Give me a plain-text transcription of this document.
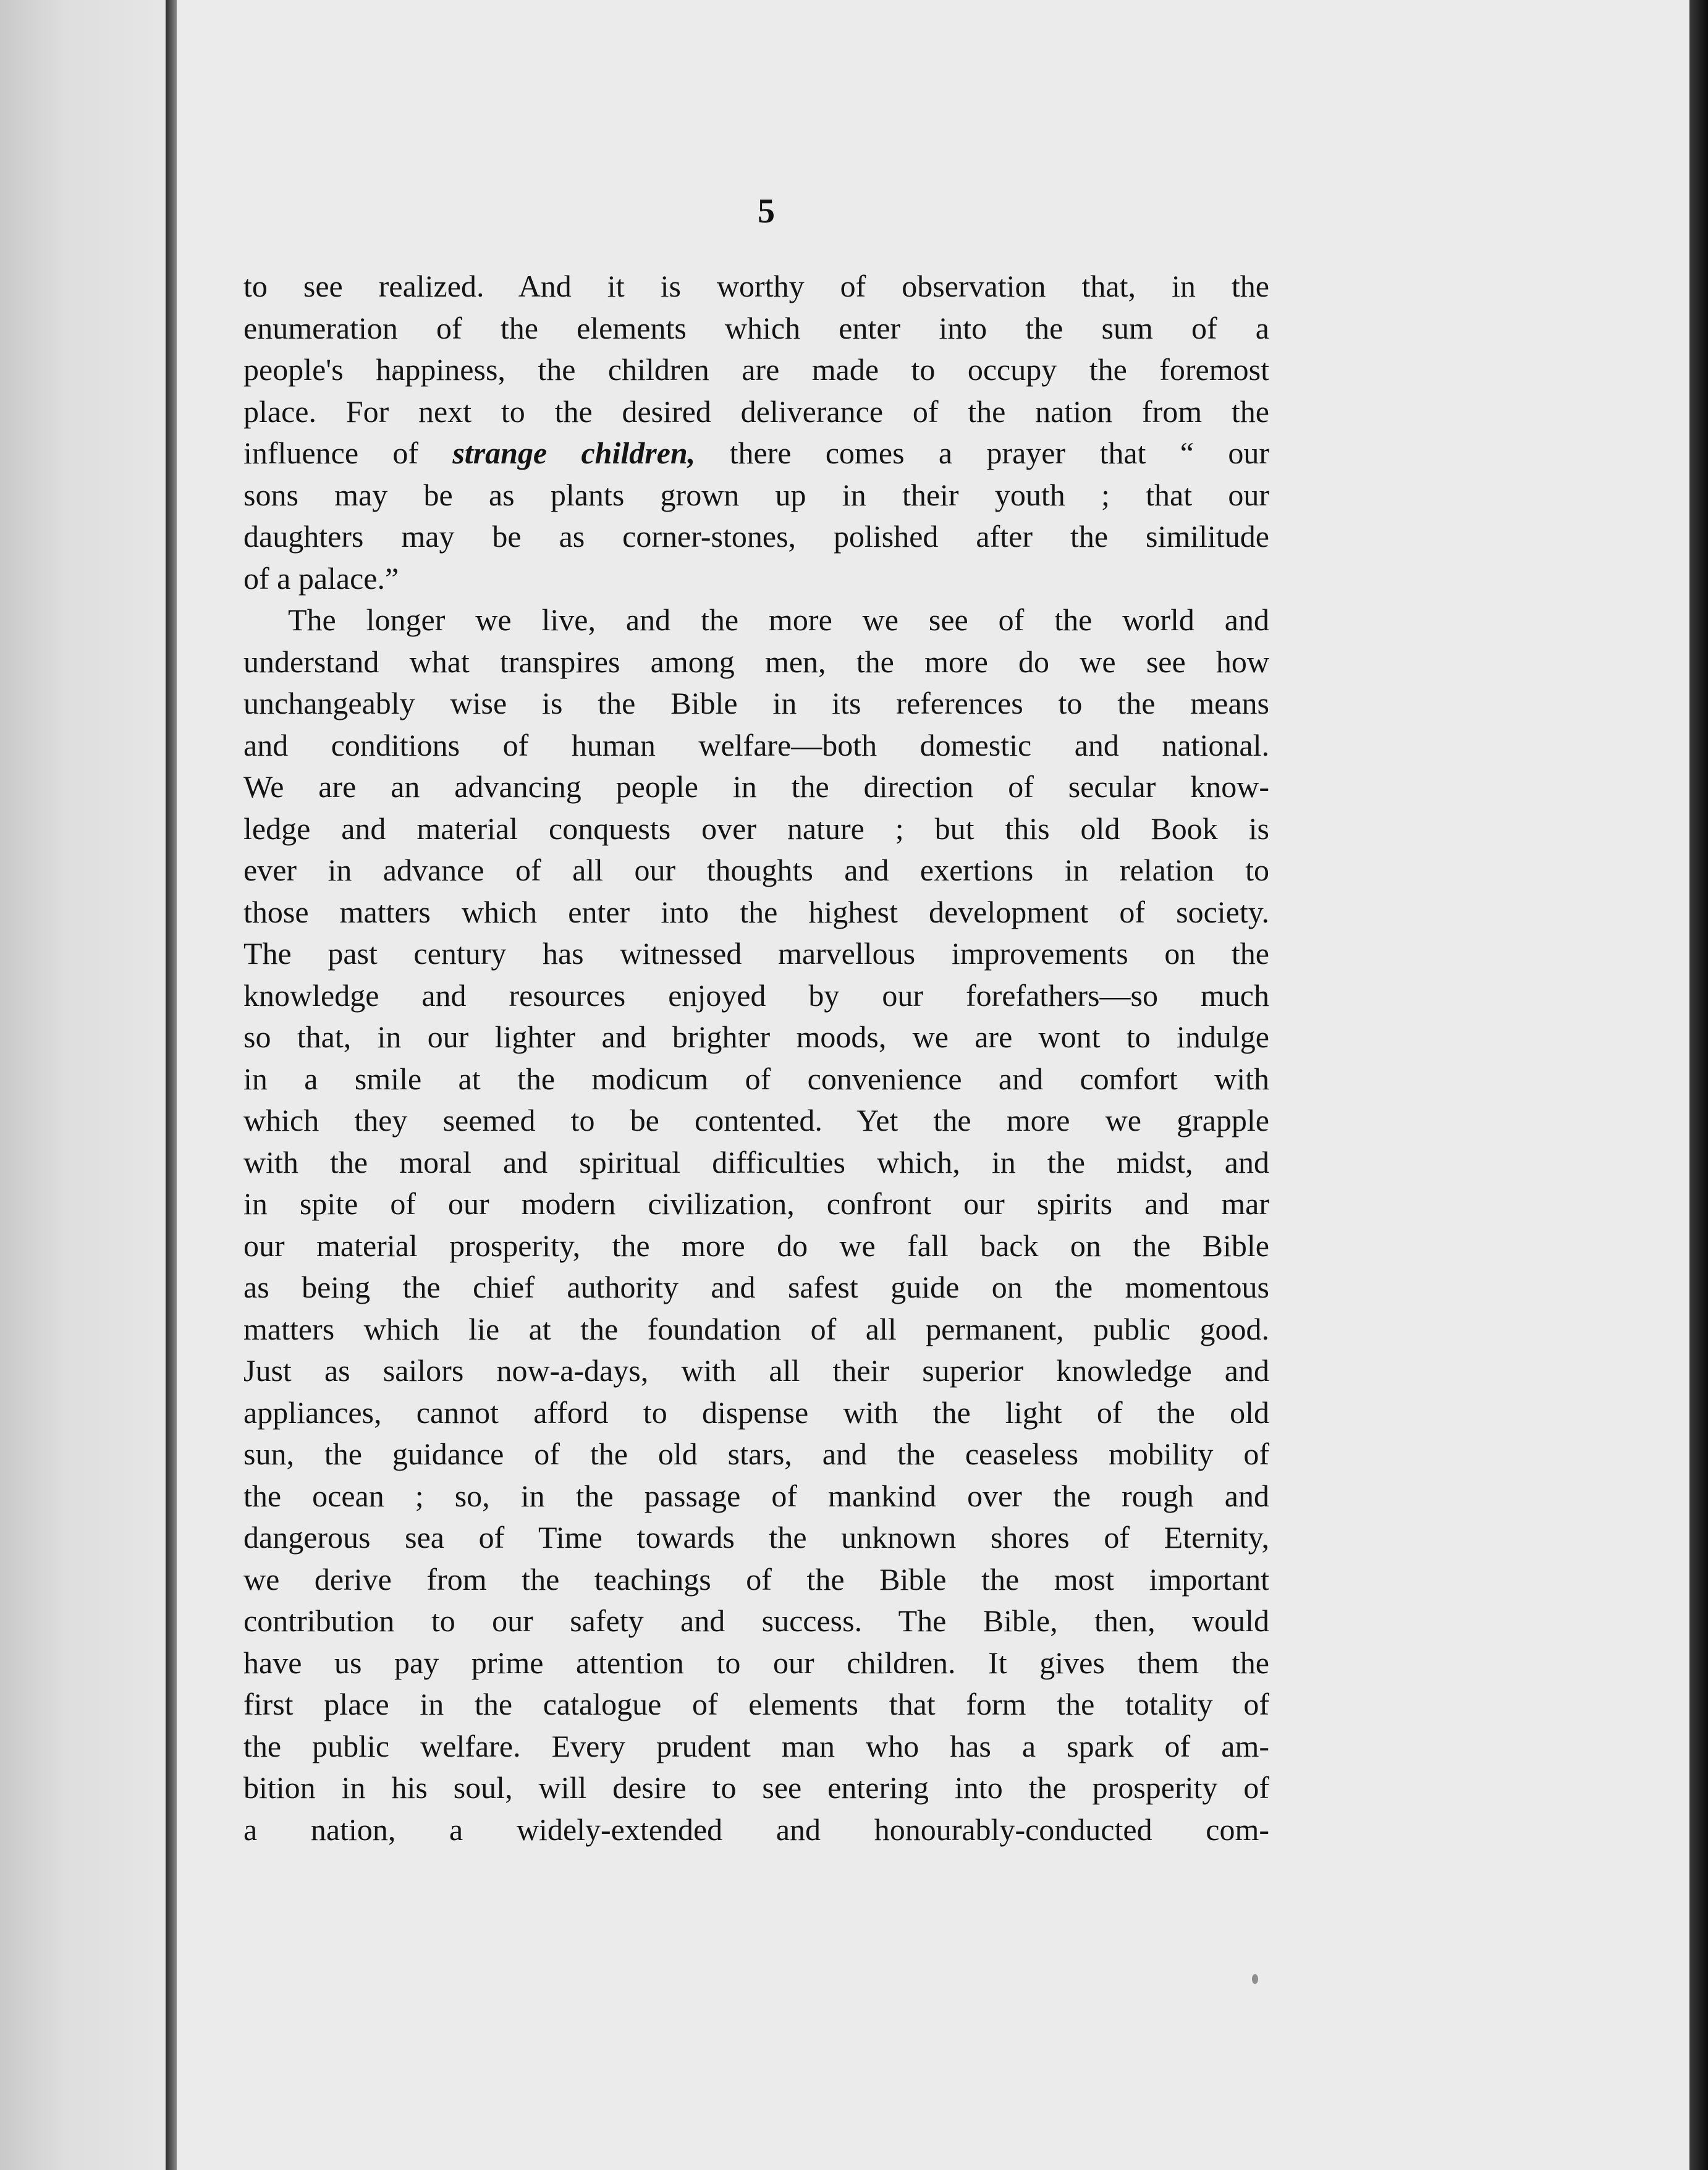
5
to see realized. And it is worthy of observation that, in the
enumeration of the elements which enter into the sum of a
people's happiness, the children are made to occupy the foremost
place. For next to the desired deliverance of the nation from the
influence of strange children, there comes a prayer that “ our
sons may be as plants grown up in their youth ; that our
daughters may be as corner-stones, polished after the similitude
of a palace.”
The longer we live, and the more we see of the world and
understand what transpires among men, the more do we see how
unchangeably wise is the Bible in its references to the means
and conditions of human welfare—both domestic and national.
We are an advancing people in the direction of secular know-
ledge and material conquests over nature ; but this old Book is
ever in advance of all our thoughts and exertions in relation to
those matters which enter into the highest development of society.
The past century has witnessed marvellous improvements on the
knowledge and resources enjoyed by our forefathers—so much
so that, in our lighter and brighter moods, we are wont to indulge
in a smile at the modicum of convenience and comfort with
which they seemed to be contented. Yet the more we grapple
with the moral and spiritual difficulties which, in the midst, and
in spite of our modern civilization, confront our spirits and mar
our material prosperity, the more do we fall back on the Bible
as being the chief authority and safest guide on the momentous
matters which lie at the foundation of all permanent, public good.
Just as sailors now-a-days, with all their superior knowledge and
appliances, cannot afford to dispense with the light of the old
sun, the guidance of the old stars, and the ceaseless mobility of
the ocean ; so, in the passage of mankind over the rough and
dangerous sea of Time towards the unknown shores of Eternity,
we derive from the teachings of the Bible the most important
contribution to our safety and success. The Bible, then, would
have us pay prime attention to our children. It gives them the
first place in the catalogue of elements that form the totality of
the public welfare. Every prudent man who has a spark of am-
bition in his soul, will desire to see entering into the prosperity of
a nation, a widely-extended and honourably-conducted com-
